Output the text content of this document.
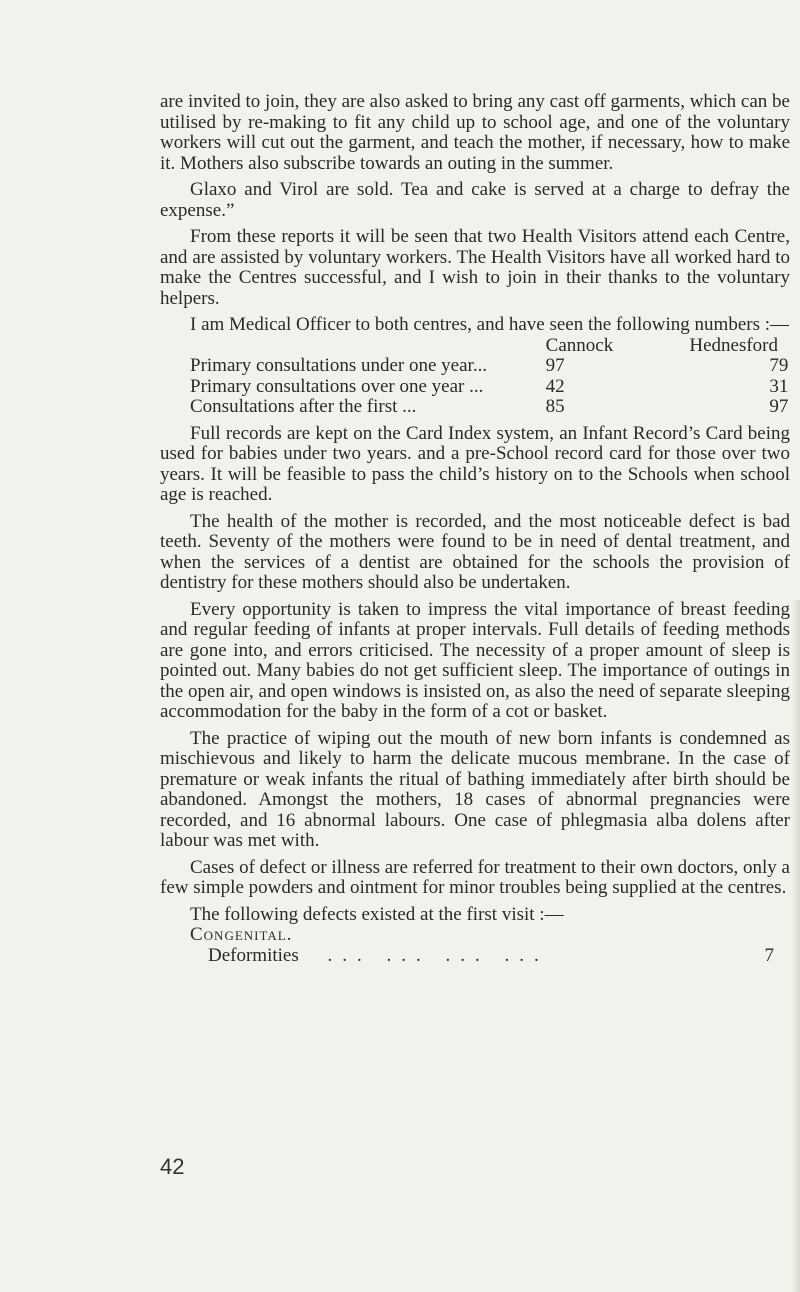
are invited to join, they are also asked to bring any cast off garments, which can be utilised by re-making to fit any child up to school age, and one of the voluntary workers will cut out the garment, and teach the mother, if necessary, how to make it. Mothers also subscribe towards an outing in the summer.

Glaxo and Virol are sold. Tea and cake is served at a charge to defray the expense.”

From these reports it will be seen that two Health Visitors attend each Centre, and are assisted by voluntary workers. The Health Visitors have all worked hard to make the Centres successful, and I wish to join in their thanks to the voluntary helpers.

I am Medical Officer to both centres, and have seen the following numbers :—

	Cannock	Hednesford
Primary consultations under one year...	97	79
Primary consultations over one year ...	42	31
Consultations after the first ...	85	97

Full records are kept on the Card Index system, an Infant Record’s Card being used for babies under two years. and a pre-School record card for those over two years. It will be feasible to pass the child’s history on to the Schools when school age is reached.

The health of the mother is recorded, and the most noticeable defect is bad teeth. Seventy of the mothers were found to be in need of dental treatment, and when the services of a dentist are obtained for the schools the provision of dentistry for these mothers should also be undertaken.

Every opportunity is taken to impress the vital importance of breast feeding and regular feeding of infants at proper intervals. Full details of feeding methods are gone into, and errors criticised. The necessity of a proper amount of sleep is pointed out. Many babies do not get sufficient sleep. The importance of outings in the open air, and open windows is insisted on, as also the need of separate sleeping accommodation for the baby in the form of a cot or basket.

The practice of wiping out the mouth of new born infants is condemned as mischievous and likely to harm the delicate mucous membrane. In the case of premature or weak infants the ritual of bathing immediately after birth should be abandoned. Amongst the mothers, 18 cases of abnormal pregnancies were recorded, and 16 abnormal labours. One case of phlegmasia alba dolens after labour was met with.

Cases of defect or illness are referred for treatment to their own doctors, only a few simple powders and ointment for minor troubles being supplied at the centres.

The following defects existed at the first visit :—

Congenital.

Deformities ... ... ... ...	7
42
